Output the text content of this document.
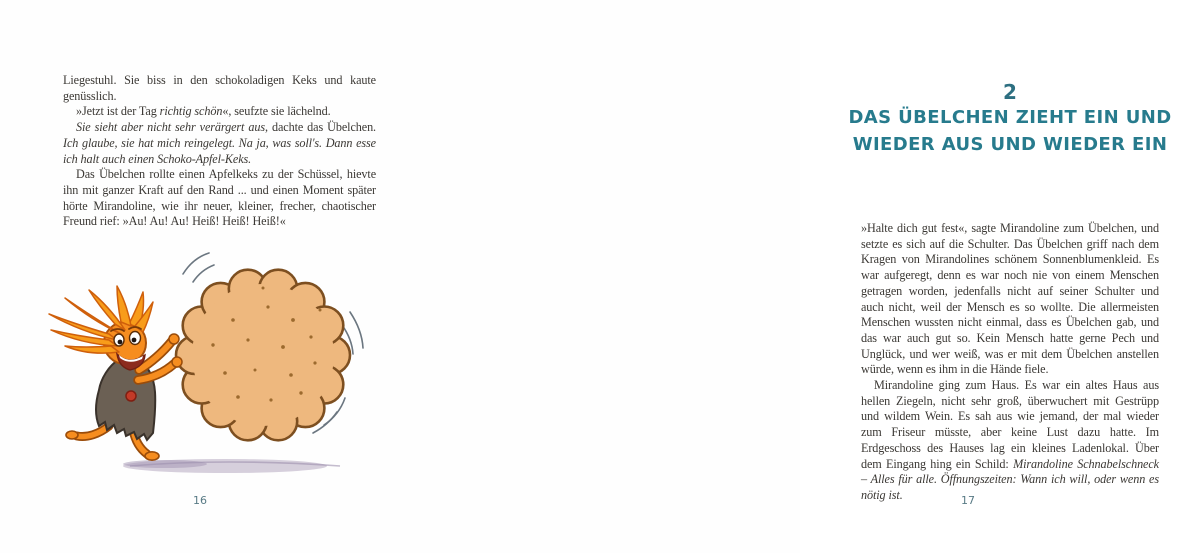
Liegestuhl. Sie biss in den schokoladigen Keks und kaute genüsslich.

»Jetzt ist der Tag richtig schön«, seufzte sie lächelnd.

Sie sieht aber nicht sehr verärgert aus, dachte das Übelchen. Ich glaube, sie hat mich reingelegt. Na ja, was soll's. Dann esse ich halt auch einen Schoko-Apfel-Keks.

Das Übelchen rollte einen Apfelkeks zu der Schüssel, hievte ihn mit ganzer Kraft auf den Rand ... und einen Moment später hörte Mirandoline, wie ihr neuer, kleiner, frecher, chaotischer Freund rief: »Au! Au! Au! Heiß! Heiß! Heiß!«

16
2
DAS ÜBELCHEN ZIEHT EIN UND
WIEDER AUS UND WIEDER EIN

»Halte dich gut fest«, sagte Mirandoline zum Übelchen, und setzte es sich auf die Schulter. Das Übelchen griff nach dem Kragen von Mirandolines schönem Sonnenblumenkleid. Es war aufgeregt, denn es war noch nie von einem Menschen getragen worden, jedenfalls nicht auf seiner Schulter und auch nicht, weil der Mensch es so wollte. Die allermeisten Menschen wussten nicht einmal, dass es Übelchen gab, und das war auch gut so. Kein Mensch hatte gerne Pech und Unglück, und wer weiß, was er mit dem Übelchen anstellen würde, wenn es ihm in die Hände fiele.

Mirandoline ging zum Haus. Es war ein altes Haus aus hellen Ziegeln, nicht sehr groß, überwuchert mit Gestrüpp und wildem Wein. Es sah aus wie jemand, der mal wieder zum Friseur müsste, aber keine Lust dazu hatte. Im Erdgeschoss des Hauses lag ein kleines Ladenlokal. Über dem Eingang hing ein Schild: Mirandoline Schnabelschneck – Alles für alle. Öffnungszeiten: Wann ich will, oder wenn es nötig ist.	17
